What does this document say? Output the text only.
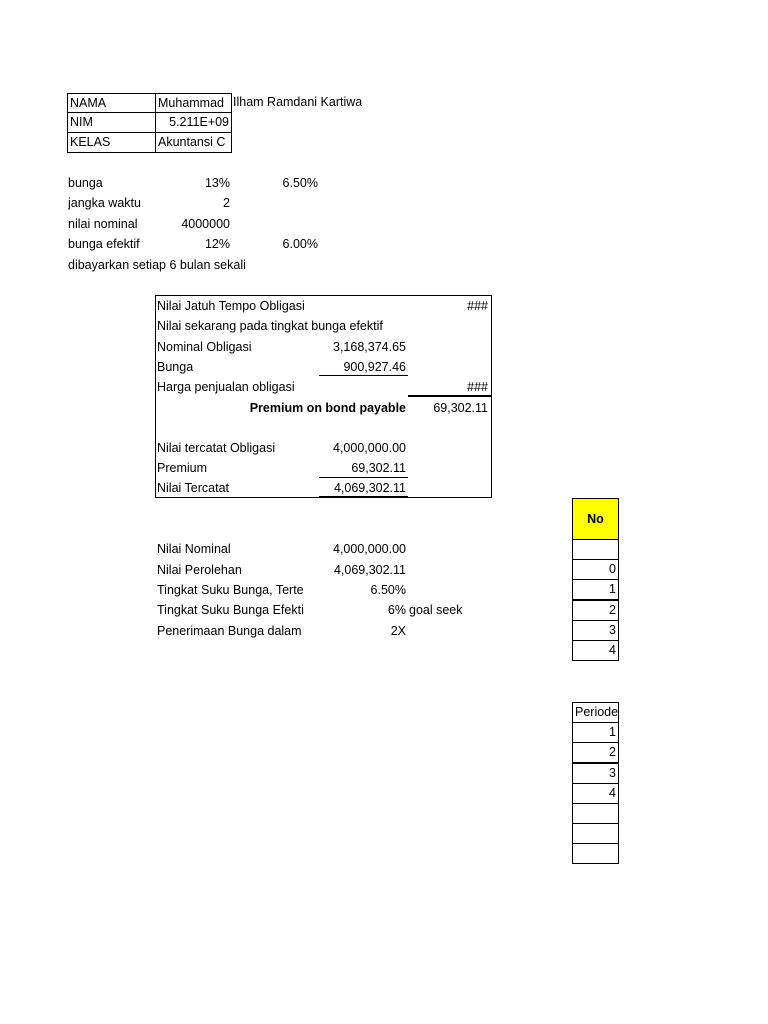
NAMA	Muhammad Ilham Ramdani Kartiwa
NIM	5.211E+09
KELAS	Akuntansi C
bunga	13%	6.50%
jangka waktu	2
nilai nominal	4000000
bunga efektif	12%	6.00%
dibayarkan setiap 6 bulan sekali
Nilai Jatuh Tempo Obligasi	###
Nilai sekarang pada tingkat bunga efektif
Nominal Obligasi	3,168,374.65
Bunga	900,927.46
Harga penjualan obligasi	###
Premium on bond payable	69,302.11
Nilai tercatat Obligasi	4,000,000.00
Premium	69,302.11
Nilai Tercatat	4,069,302.11
Nilai Nominal	4,000,000.00
Nilai Perolehan	4,069,302.11
Tingkat Suku Bunga, Terte	6.50%
Tingkat Suku Bunga Efekti	6% goal seek
Penerimaan Bunga dalam	2X
No
0
1
2
3
4
Periode
1
2
3
4
